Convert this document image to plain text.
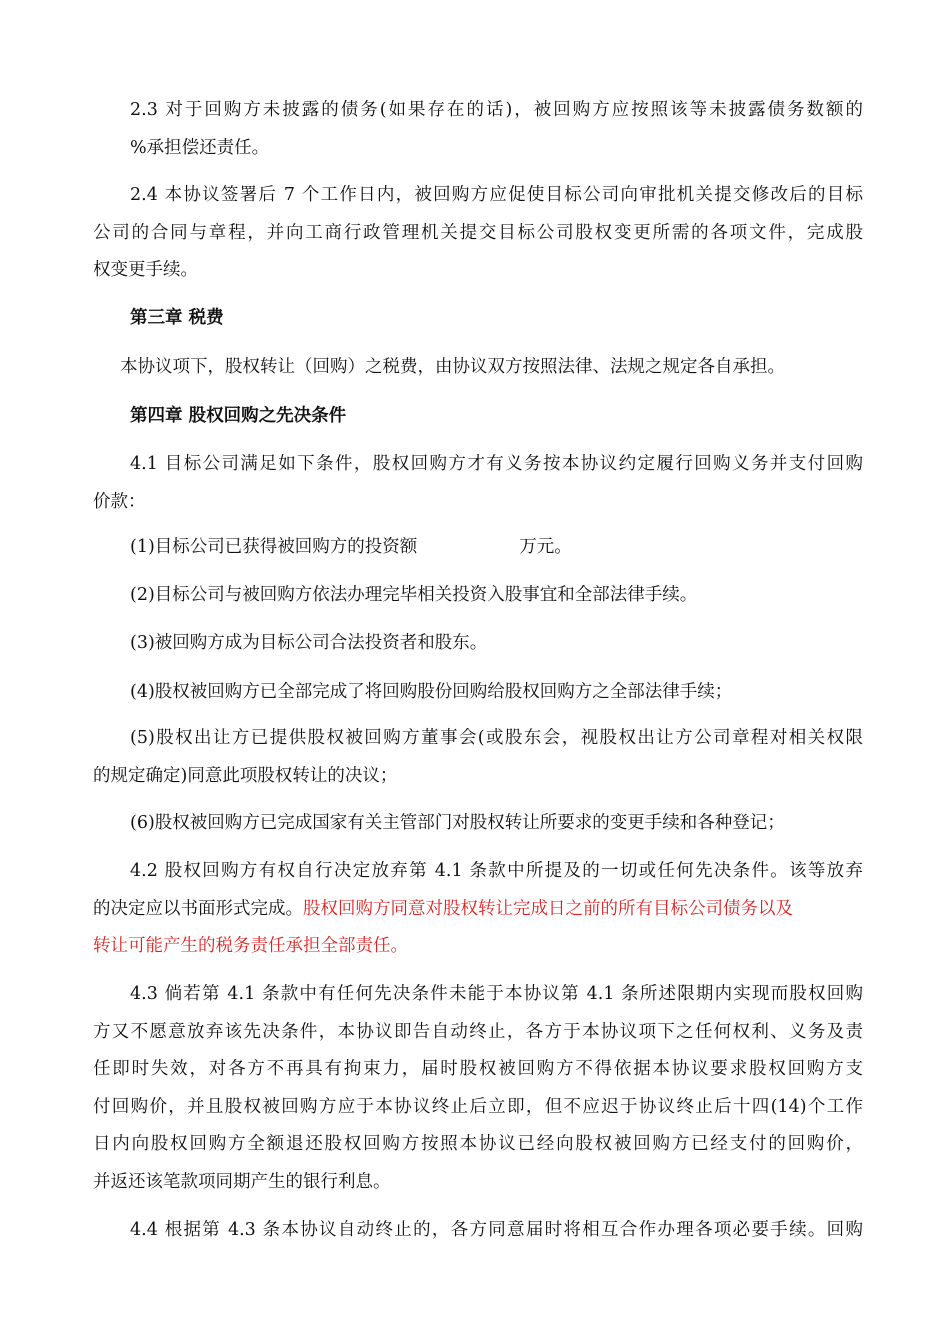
2.3 对于回购方未披露的债务(如果存在的话)，被回购方应按照该等未披露债务数额的
%承担偿还责任。
2.4 本协议签署后 7 个工作日内，被回购方应促使目标公司向审批机关提交修改后的目标
公司的合同与章程，并向工商行政管理机关提交目标公司股权变更所需的各项文件，完成股
权变更手续。
第三章 税费
本协议项下，股权转让（回购）之税费，由协议双方按照法律、法规之规定各自承担。
第四章 股权回购之先决条件
4.1 目标公司满足如下条件，股权回购方才有义务按本协议约定履行回购义务并支付回购
价款：
(1)目标公司已获得被回购方的投资额	万元。
(2)目标公司与被回购方依法办理完毕相关投资入股事宜和全部法律手续。
(3)被回购方成为目标公司合法投资者和股东。
(4)股权被回购方已全部完成了将回购股份回购给股权回购方之全部法律手续；
(5)股权出让方已提供股权被回购方董事会(或股东会，视股权出让方公司章程对相关权限
的规定确定)同意此项股权转让的决议；
(6)股权被回购方已完成国家有关主管部门对股权转让所要求的变更手续和各种登记；
4.2 股权回购方有权自行决定放弃第 4.1 条款中所提及的一切或任何先决条件。该等放弃
的决定应以书面形式完成。股权回购方同意对股权转让完成日之前的所有目标公司债务以及
转让可能产生的税务责任承担全部责任。
4.3 倘若第 4.1 条款中有任何先决条件未能于本协议第 4.1 条所述限期内实现而股权回购
方又不愿意放弃该先决条件，本协议即告自动终止，各方于本协议项下之任何权利、义务及责
任即时失效，对各方不再具有拘束力，届时股权被回购方不得依据本协议要求股权回购方支
付回购价，并且股权被回购方应于本协议终止后立即，但不应迟于协议终止后十四(14)个工作
日内向股权回购方全额退还股权回购方按照本协议已经向股权被回购方已经支付的回购价，
并返还该笔款项同期产生的银行利息。
4.4 根据第 4.3 条本协议自动终止的，各方同意届时将相互合作办理各项必要手续。回购
